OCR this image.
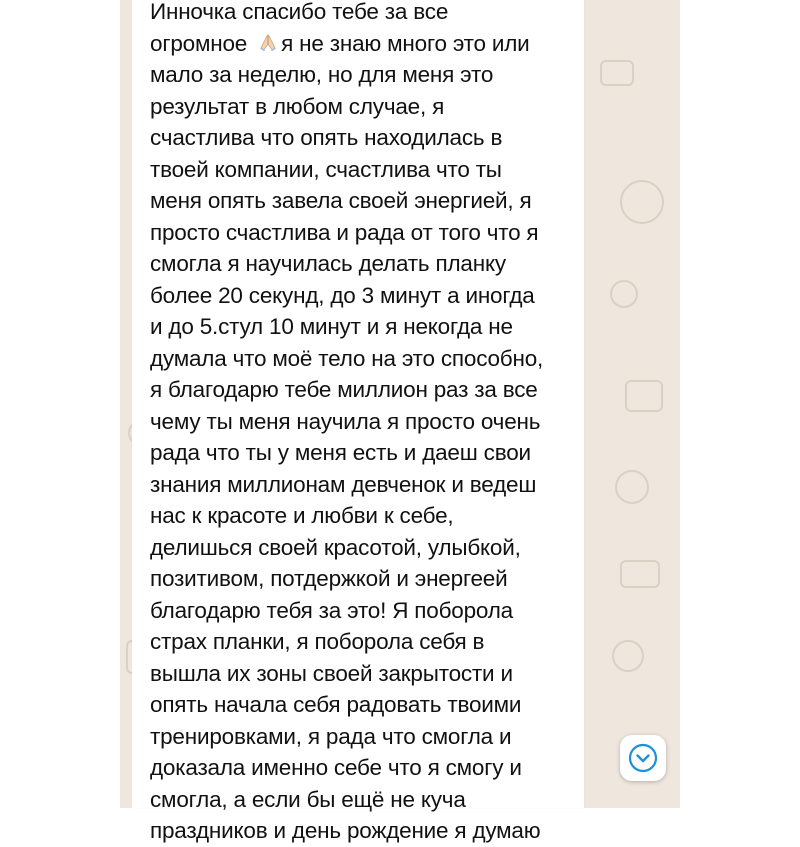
Инночка спасибо тебе за все
огромное я не знаю много это или
мало за неделю, но для меня это
результат в любом случае, я
счастлива что опять находилась в
твоей компании, счастлива что ты
меня опять завела своей энергией, я
просто счастлива и рада от того что я
смогла я научилась делать планку
более 20 секунд, до 3 минут а иногда
и до 5.стул 10 минут и я некогда не
думала что моё тело на это способно,
я благодарю тебе миллион раз за все
чему ты меня научила я просто очень
рада что ты у меня есть и даеш свои
знания миллионам девченок и ведеш
нас к красоте и любви к себе,
делишься своей красотой, улыбкой,
позитивом, потдержкой и энергеей
благодарю тебя за это! Я поборола
страх планки, я поборола себя в
вышла их зоны своей закрытости и
опять начала себя радовать твоими
тренировками, я рада что смогла и
доказала именно себе что я смогу и
смогла, а если бы ещё не куча
праздников и день рождение я думаю
